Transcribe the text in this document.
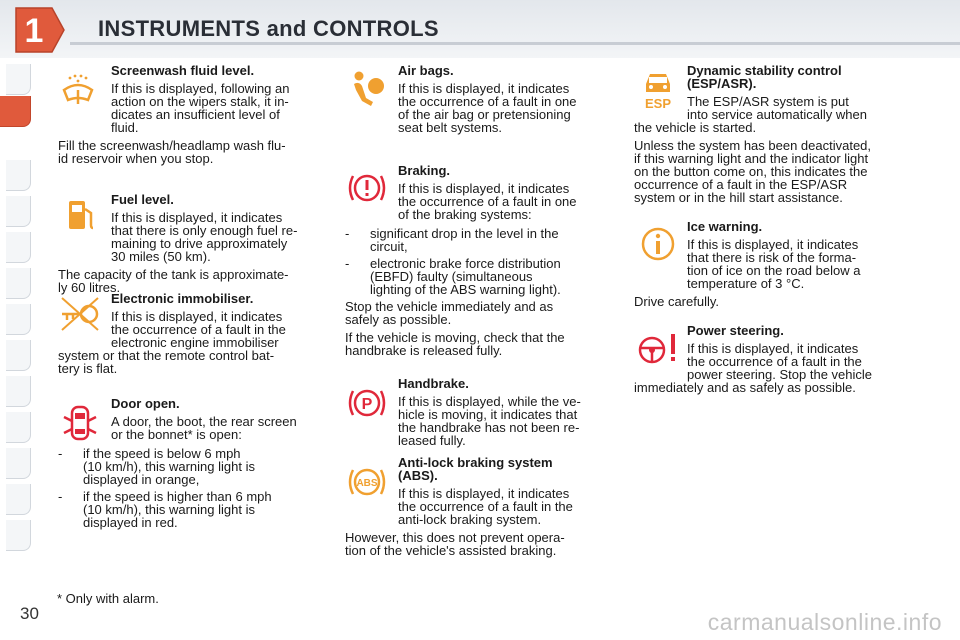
1 INSTRUMENTS and CONTROLS
Screenwash fluid level.

If this is displayed, following an
action on the wipers stalk, it in-
dicates an insufficient level of
fluid.

Fill the screenwash/headlamp wash flu-
id reservoir when you stop.

Fuel level.

If this is displayed, it indicates
that there is only enough fuel re-
maining to drive approximately
30 miles (50 km).

The capacity of the tank is approximate-
ly 60 litres.

Electronic immobiliser.

If this is displayed, it indicates
the occurrence of a fault in the
electronic engine immobiliser

system or that the remote control bat-
tery is flat.

Door open.

A door, the boot, the rear screen
or the bonnet* is open:

- if the speed is below 6 mph
(10 km/h), this warning light is
displayed in orange,
- if the speed is higher than 6 mph
(10 km/h), this warning light is
displayed in red.
Air bags.

If this is displayed, it indicates
the occurrence of a fault in one
of the air bag or pretensioning
seat belt systems.

Braking.

If this is displayed, it indicates
the occurrence of a fault in one
of the braking systems:

- significant drop in the level in the
circuit,
- electronic brake force distribution
(EBFD) faulty (simultaneous
lighting of the ABS warning light).

Stop the vehicle immediately and as
safely as possible.

If the vehicle is moving, check that the
handbrake is released fully.

P
Handbrake.

If this is displayed, while the ve-
hicle is moving, it indicates that
the handbrake has not been re-
leased fully.

ABS
Anti-lock braking system
(ABS).

If this is displayed, it indicates
the occurrence of a fault in the
anti-lock braking system.

However, this does not prevent opera-
tion of the vehicle's assisted braking.

ESP
Dynamic stability control
(ESP/ASR).

The ESP/ASR system is put
into service automatically when

the vehicle is started.

Unless the system has been deactivated,
if this warning light and the indicator light
on the button come on, this indicates the
occurrence of a fault in the ESP/ASR
system or in the hill start assistance.

Ice warning.

If this is displayed, it indicates
that there is risk of the forma-
tion of ice on the road below a
temperature of 3 °C.

Drive carefully.

Power steering.

If this is displayed, it indicates
the occurrence of a fault in the
power steering. Stop the vehicle

immediately and as safely as possible.

* Only with alarm.
30	carmanualsonline.info
